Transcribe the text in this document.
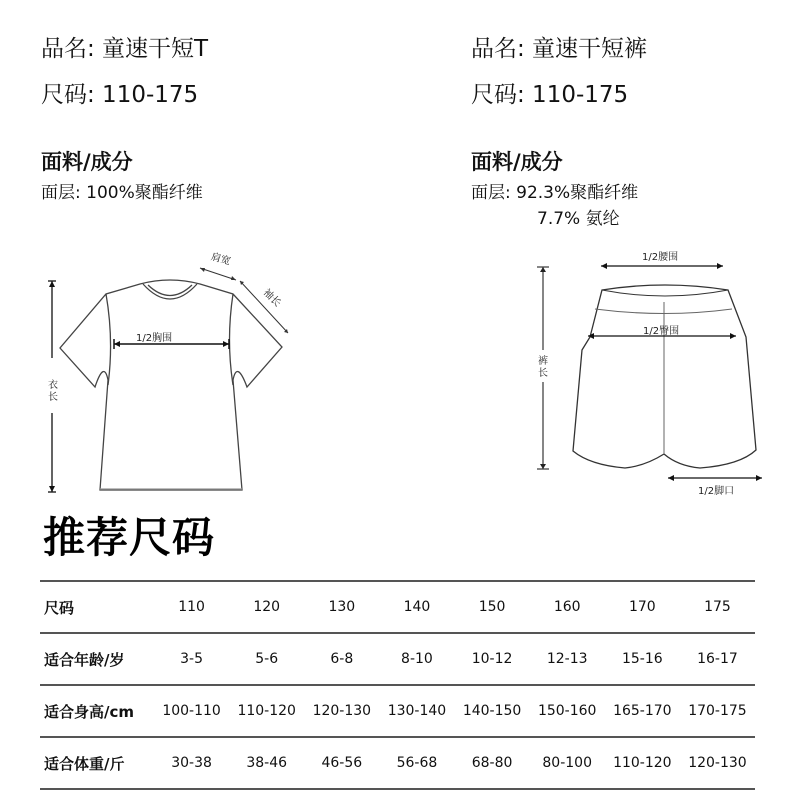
品名: 童速干短T
尺码: 110-175
面料/成分
面层: 100%聚酯纤维
品名: 童速干短裤
尺码: 110-175
面料/成分
面层: 92.3%聚酯纤维
7.7% 氨纶
1/2胸围
肩宽
袖长
衣
长
1/2腰围
裤
长
1/2臀围
1/2脚口
推荐尺码
尺码	110	120	130	140	150	160	170	175
适合年龄/岁	3-5	5-6	6-8	8-10	10-12	12-13	15-16	16-17
适合身高/cm	100-110	110-120	120-130	130-140	140-150	150-160	165-170	170-175
适合体重/斤	30-38	38-46	46-56	56-68	68-80	80-100	110-120	120-130
